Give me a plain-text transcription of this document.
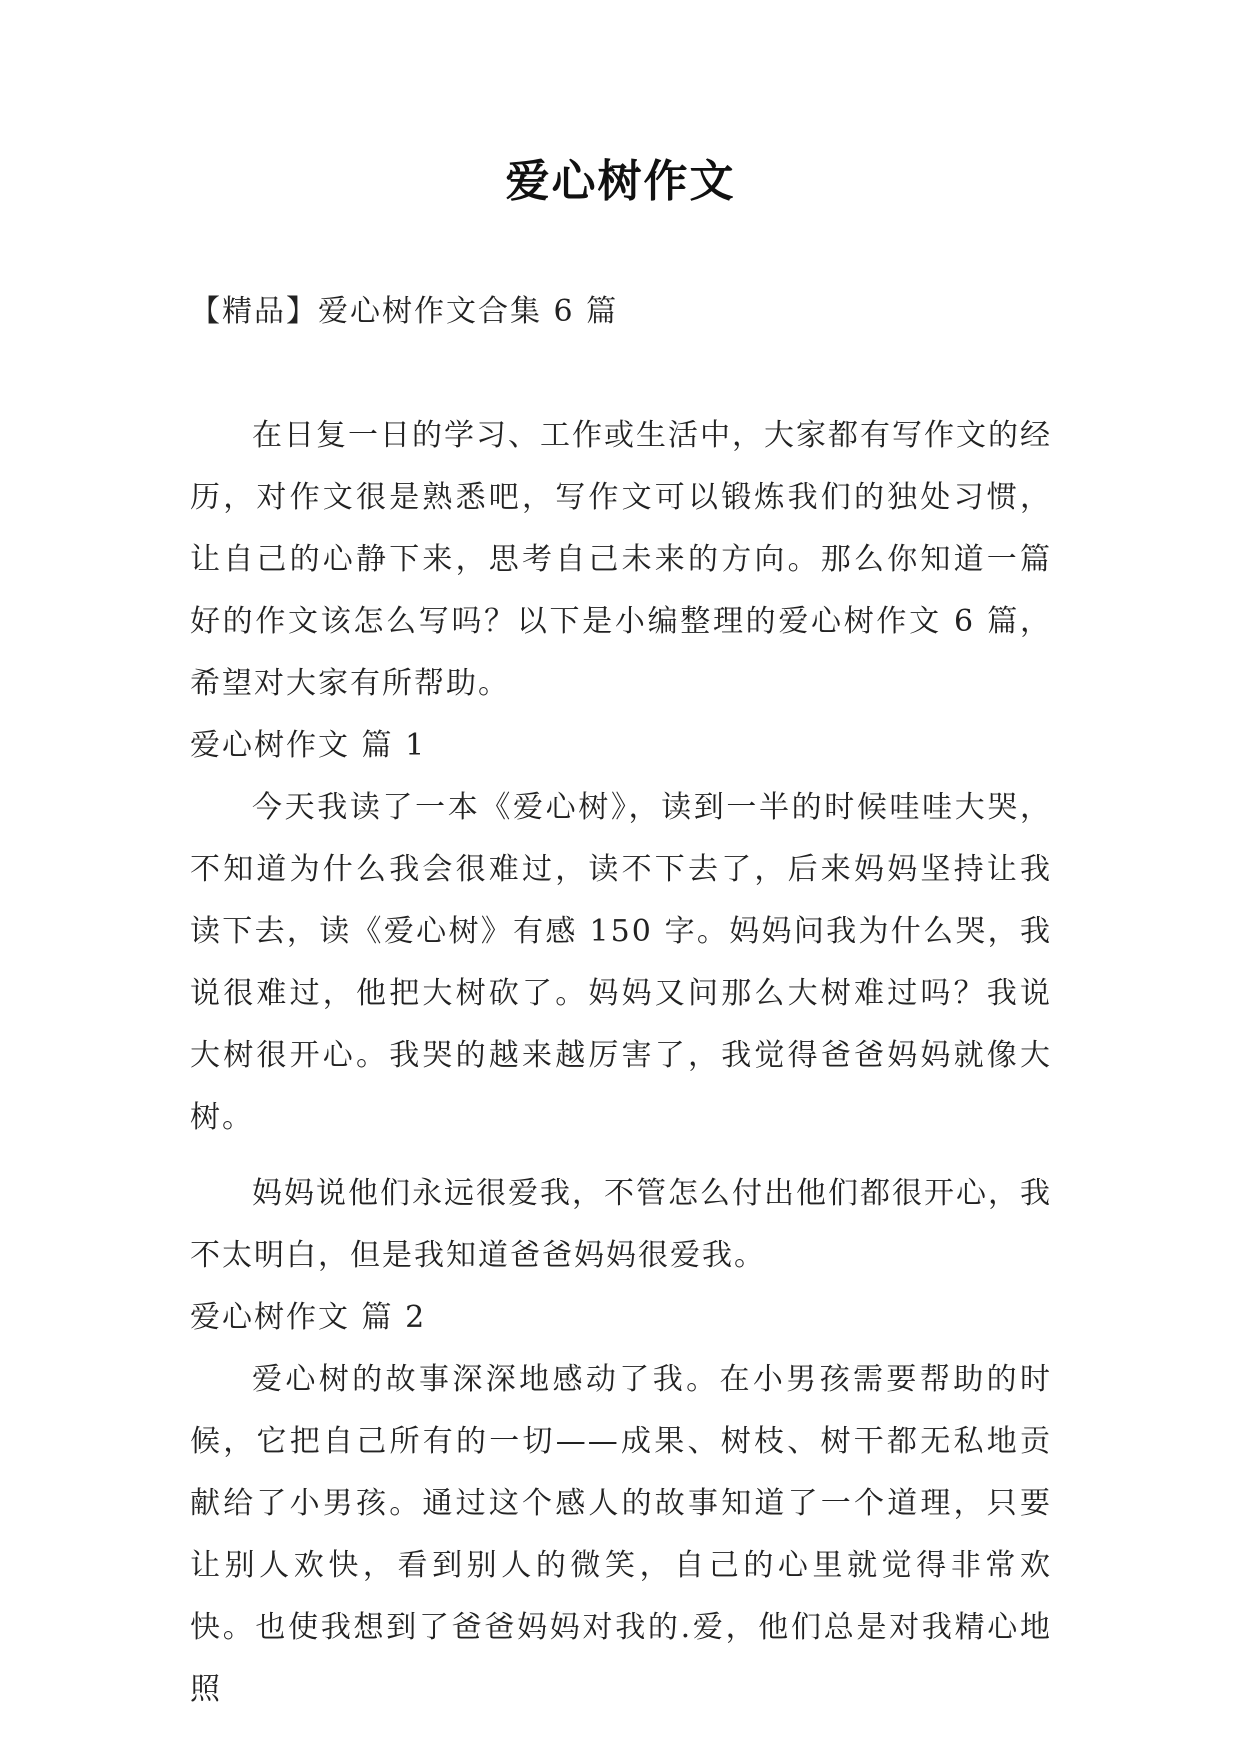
爱心树作文
【精品】爱心树作文合集 6 篇

在日复一日的学习、工作或生活中，大家都有写作文的经历，对作文很是熟悉吧，写作文可以锻炼我们的独处习惯，让自己的心静下来，思考自己未来的方向。那么你知道一篇好的作文该怎么写吗？以下是小编整理的爱心树作文 6 篇，希望对大家有所帮助。

爱心树作文 篇 1

今天我读了一本《爱心树》，读到一半的时候哇哇大哭，不知道为什么我会很难过，读不下去了，后来妈妈坚持让我读下去，读《爱心树》有感 150 字。妈妈问我为什么哭，我说很难过，他把大树砍了。妈妈又问那么大树难过吗？我说大树很开心。我哭的越来越厉害了，我觉得爸爸妈妈就像大树。

妈妈说他们永远很爱我，不管怎么付出他们都很开心，我不太明白，但是我知道爸爸妈妈很爱我。

爱心树作文 篇 2

爱心树的故事深深地感动了我。在小男孩需要帮助的时候，它把自己所有的一切——成果、树枝、树干都无私地贡献给了小男孩。通过这个感人的故事知道了一个道理，只要让别人欢快，看到别人的微笑，自己的心里就觉得非常欢快。也使我想到了爸爸妈妈对我的.爱，他们总是对我精心地照
